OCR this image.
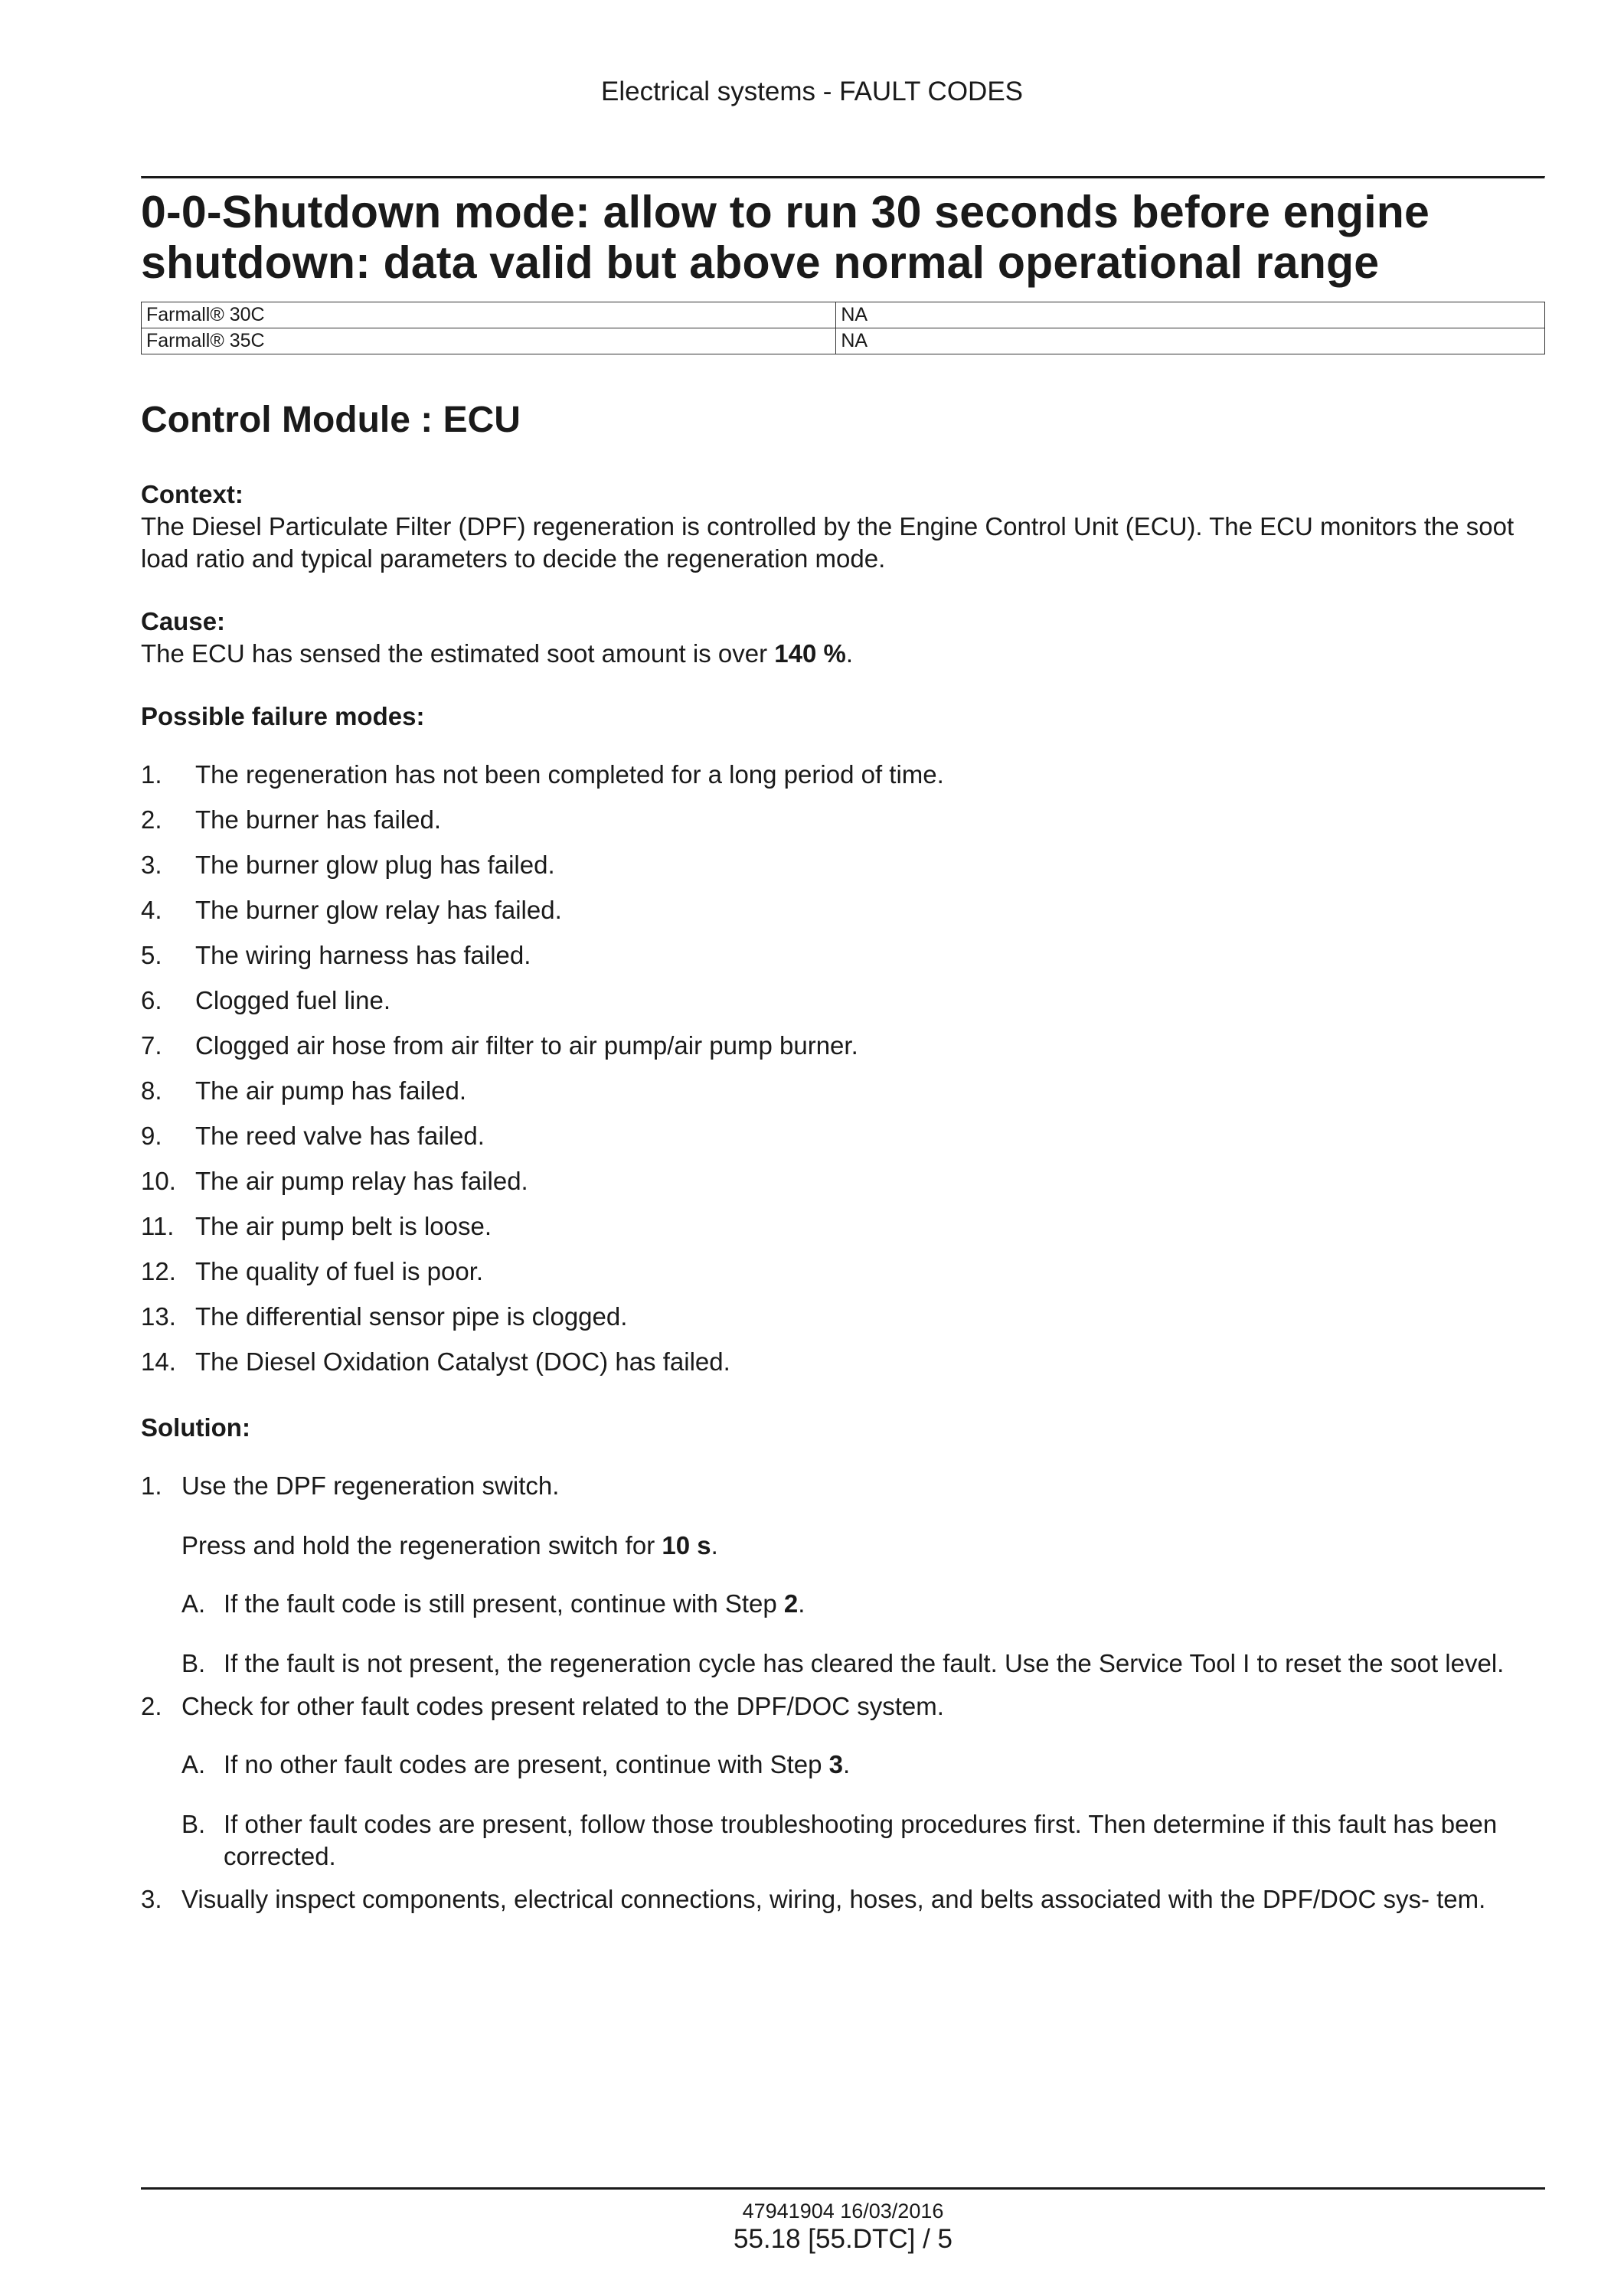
Electrical systems - FAULT CODES
0-0-Shutdown mode: allow to run 30 seconds before engine shutdown: data valid but above normal operational range
Farmall® 30C	NA
Farmall® 35C	NA
Control Module : ECU

Context:

The Diesel Particulate Filter (DPF) regeneration is controlled by the Engine Control Unit (ECU). The ECU monitors the soot load ratio and typical parameters to decide the regeneration mode.

Cause:

The ECU has sensed the estimated soot amount is over 140 %.

Possible failure modes:

1. The regeneration has not been completed for a long period of time.
2. The burner has failed.
3. The burner glow plug has failed.
4. The burner glow relay has failed.
5. The wiring harness has failed.
6. Clogged fuel line.
7. Clogged air hose from air filter to air pump/air pump burner.
8. The air pump has failed.
9. The reed valve has failed.
10. The air pump relay has failed.
11. The air pump belt is loose.
12. The quality of fuel is poor.
13. The differential sensor pipe is clogged.
14. The Diesel Oxidation Catalyst (DOC) has failed.

Solution:

1. Use the DPF regeneration switch.
Press and hold the regeneration switch for 10 s.
A. If the fault code is still present, continue with Step 2.
B. If the fault is not present, the regeneration cycle has cleared the fault. Use the Service Tool I to reset the soot level.
2. Check for other fault codes present related to the DPF/DOC system.
A. If no other fault codes are present, continue with Step 3.
B. If other fault codes are present, follow those troubleshooting procedures first. Then determine if this fault has been corrected.
3. Visually inspect components, electrical connections, wiring, hoses, and belts associated with the DPF/DOC sys- tem.
47941904 16/03/2016
55.18 [55.DTC] / 5
